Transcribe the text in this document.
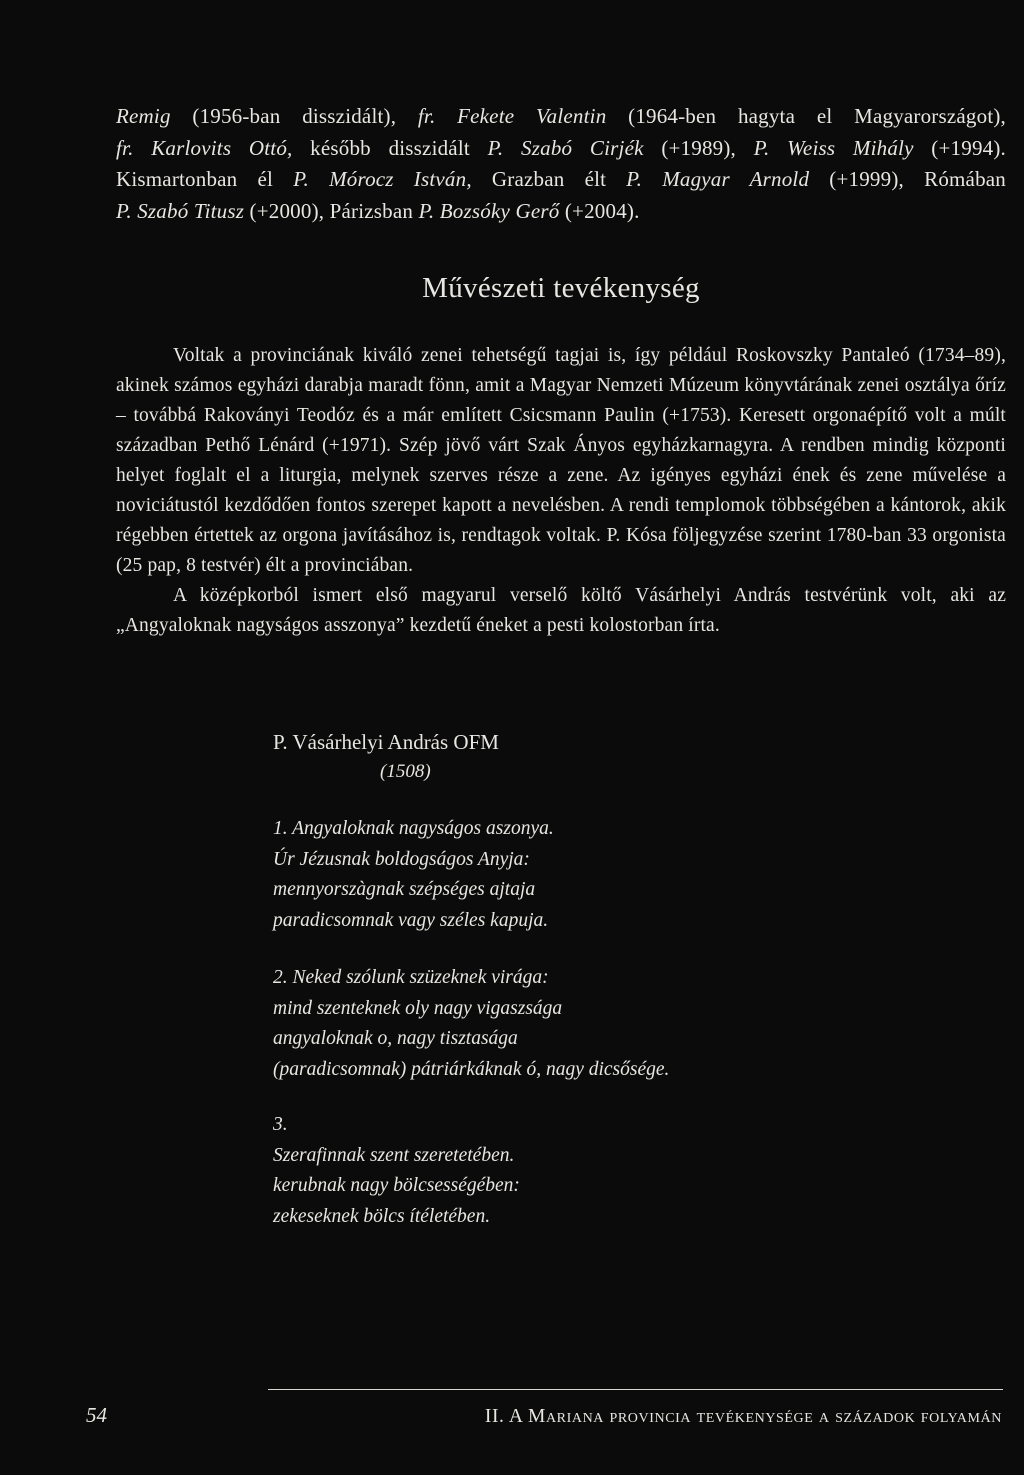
Remig (1956-ban disszidált), fr. Fekete Valentin (1964-ben hagyta el Magyarországot),

fr. Karlovits Ottó, később disszidált P. Szabó Cirjék (+1989), P. Weiss Mihály (+1994).

Kismartonban él P. Mórocz István, Grazban élt P. Magyar Arnold (+1999), Rómában

P. Szabó Titusz (+2000), Párizsban P. Bozsóky Gerő (+2004).

Művészeti tevékenység

Voltak a provinciának kiváló zenei tehetségű tagjai is, így például Roskovszky Pantaleó (1734–89), akinek számos egyházi darabja maradt fönn, amit a Magyar Nemzeti Múzeum könyvtárának zenei osztálya őríz – továbbá Rakoványi Teodóz és a már említett Csicsmann Paulin (+1753). Keresett orgonaépítő volt a múlt században Pethő Lénárd (+1971). Szép jövő várt Szak Ányos egyházkarnagyra. A rendben mindig központi helyet foglalt el a liturgia, melynek szerves része a zene. Az igényes egyházi ének és zene művelése a noviciátustól kezdődően fontos szerepet kapott a nevelésben. A rendi templomok többségében a kántorok, akik régebben értettek az orgona javításához is, rendtagok voltak. P. Kósa följegyzése szerint 1780-ban 33 orgonista (25 pap, 8 testvér) élt a provinciában.

A középkorból ismert első magyarul verselő költő Vásárhelyi András testvérünk volt, aki az „Angyaloknak nagyságos asszonya” kezdetű éneket a pesti kolostorban írta.

P. Vásárhelyi András OFM
(1508)
1. Angyaloknak nagyságos aszonya.
Úr Jézusnak boldogságos Anyja:
mennyorszàgnak szépséges ajtaja
paradicsomnak vagy széles kapuja.
2. Neked szólunk szüzeknek virága:
mind szenteknek oly nagy vigaszsága
angyaloknak o, nagy tisztasága
(paradicsomnak) pátriárkáknak ó, nagy dicsősége.
3.
Szerafinnak szent szeretetében.
kerubnak nagy bölcsességében:
zekeseknek bölcs ítéletében.
54	II. A Mariana provincia tevékenysége a századok folyamán
